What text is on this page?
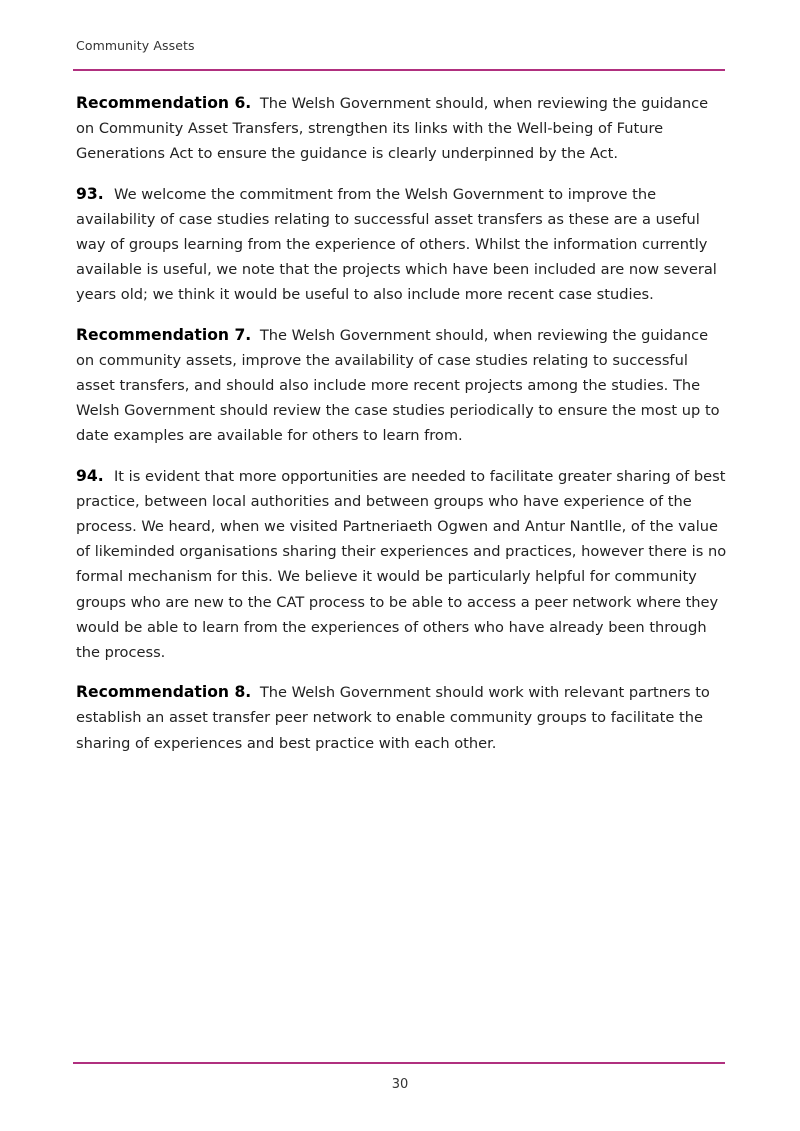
Community Assets

Recommendation 6. The Welsh Government should, when reviewing the guidance on Community Asset Transfers, strengthen its links with the Well-being of Future Generations Act to ensure the guidance is clearly underpinned by the Act.

93. We welcome the commitment from the Welsh Government to improve the availability of case studies relating to successful asset transfers as these are a useful way of groups learning from the experience of others. Whilst the information currently available is useful, we note that the projects which have been included are now several years old; we think it would be useful to also include more recent case studies.

Recommendation 7. The Welsh Government should, when reviewing the guidance on community assets, improve the availability of case studies relating to successful asset transfers, and should also include more recent projects among the studies. The Welsh Government should review the case studies periodically to ensure the most up to date examples are available for others to learn from.

94. It is evident that more opportunities are needed to facilitate greater sharing of best practice, between local authorities and between groups who have experience of the process. We heard, when we visited Partneriaeth Ogwen and Antur Nantlle, of the value of likeminded organisations sharing their experiences and practices, however there is no formal mechanism for this. We believe it would be particularly helpful for community groups who are new to the CAT process to be able to access a peer network where they would be able to learn from the experiences of others who have already been through the process.

Recommendation 8. The Welsh Government should work with relevant partners to establish an asset transfer peer network to enable community groups to facilitate the sharing of experiences and best practice with each other.

30
